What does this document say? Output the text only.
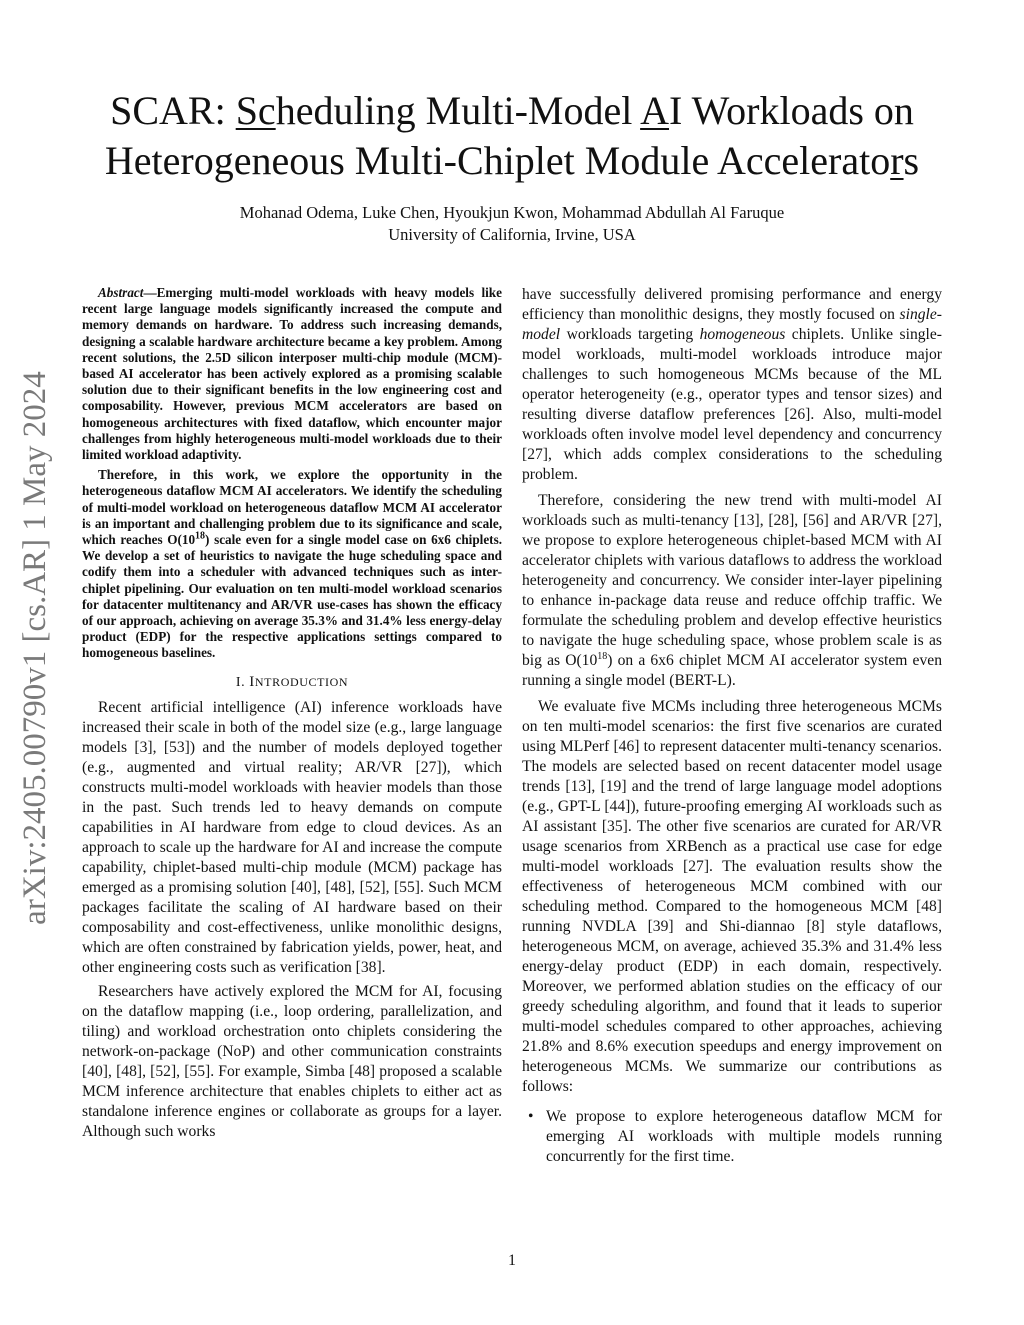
arXiv:2405.00790v1 [cs.AR] 1 May 2024
SCAR: Scheduling Multi-Model AI Workloads on
Heterogeneous Multi-Chiplet Module Accelerators
Mohanad Odema, Luke Chen, Hyoukjun Kwon, Mohammad Abdullah Al Faruque
University of California, Irvine, USA

Abstract—Emerging multi-model workloads with heavy models like recent large language models significantly increased the compute and memory demands on hardware. To address such increasing demands, designing a scalable hardware architecture became a key problem. Among recent solutions, the 2.5D silicon interposer multi-chip module (MCM)-based AI accelerator has been actively explored as a promising scalable solution due to their significant benefits in the low engineering cost and composability. However, previous MCM accelerators are based on homogeneous architectures with fixed dataflow, which encounter major challenges from highly heterogeneous multi-model workloads due to their limited workload adaptivity.

Therefore, in this work, we explore the opportunity in the heterogeneous dataflow MCM AI accelerators. We identify the scheduling of multi-model workload on heterogeneous dataflow MCM AI accelerator is an important and challenging problem due to its significance and scale, which reaches $O(10^{18})$ scale even for a single model case on 6x6 chiplets. We develop a set of heuristics to navigate the huge scheduling space and codify them into a scheduler with advanced techniques such as inter-chiplet pipelining. Our evaluation on ten multi-model workload scenarios for datacenter multitenancy and AR/VR use-cases has shown the efficacy of our approach, achieving on average 35.3% and 31.4% less energy-delay product (EDP) for the respective applications settings compared to homogeneous baselines.

I. INTRODUCTION

Recent artificial intelligence (AI) inference workloads have increased their scale in both of the model size (e.g., large language models [3], [53]) and the number of models deployed together (e.g., augmented and virtual reality; AR/VR [27]), which constructs multi-model workloads with heavier models than those in the past. Such trends led to heavy demands on compute capabilities in AI hardware from edge to cloud devices. As an approach to scale up the hardware for AI and increase the compute capability, chiplet-based multi-chip module (MCM) package has emerged as a promising solution [40], [48], [52], [55]. Such MCM packages facilitate the scaling of AI hardware based on their composability and cost-effectiveness, unlike monolithic designs, which are often constrained by fabrication yields, power, heat, and other engineering costs such as verification [38].

Researchers have actively explored the MCM for AI, focusing on the dataflow mapping (i.e., loop ordering, parallelization, and tiling) and workload orchestration onto chiplets considering the network-on-package (NoP) and other communication constraints [40], [48], [52], [55]. For example, Simba [48] proposed a scalable MCM inference architecture that enables chiplets to either act as standalone inference engines or collaborate as groups for a layer. Although such works

have successfully delivered promising performance and energy efficiency than monolithic designs, they mostly focused on single-model workloads targeting homogeneous chiplets. Unlike single-model workloads, multi-model workloads introduce major challenges to such homogeneous MCMs because of the ML operator heterogeneity (e.g., operator types and tensor sizes) and resulting diverse dataflow preferences [26]. Also, multi-model workloads often involve model level dependency and concurrency [27], which adds complex considerations to the scheduling problem.

Therefore, considering the new trend with multi-model AI workloads such as multi-tenancy [13], [28], [56] and AR/VR [27], we propose to explore heterogeneous chiplet-based MCM with AI accelerator chiplets with various dataflows to address the workload heterogeneity and concurrency. We consider inter-layer pipelining to enhance in-package data reuse and reduce offchip traffic. We formulate the scheduling problem and develop effective heuristics to navigate the huge scheduling space, whose problem scale is as big as $O(10^{18})$ on a 6x6 chiplet MCM AI accelerator system even running a single model (BERT-L).

We evaluate five MCMs including three heterogeneous MCMs on ten multi-model scenarios: the first five scenarios are curated using MLPerf [46] to represent datacenter multi-tenancy scenarios. The models are selected based on recent datacenter model usage trends [13], [19] and the trend of large language model adoptions (e.g., GPT-L [44]), future-proofing emerging AI workloads such as AI assistant [35]. The other five scenarios are curated for AR/VR usage scenarios from XRBench as a practical use case for edge multi-model workloads [27]. The evaluation results show the effectiveness of heterogeneous MCM combined with our scheduling method. Compared to the homogeneous MCM [48] running NVDLA [39] and Shi-diannao [8] style dataflows, heterogeneous MCM, on average, achieved 35.3% and 31.4% less energy-delay product (EDP) in each domain, respectively. Moreover, we performed ablation studies on the efficacy of our greedy scheduling algorithm, and found that it leads to superior multi-model schedules compared to other approaches, achieving 21.8% and 8.6% execution speedups and energy improvement on heterogeneous MCMs. We summarize our contributions as follows:

• We propose to explore heterogeneous dataflow MCM for emerging AI workloads with multiple models running concurrently for the first time.
1
